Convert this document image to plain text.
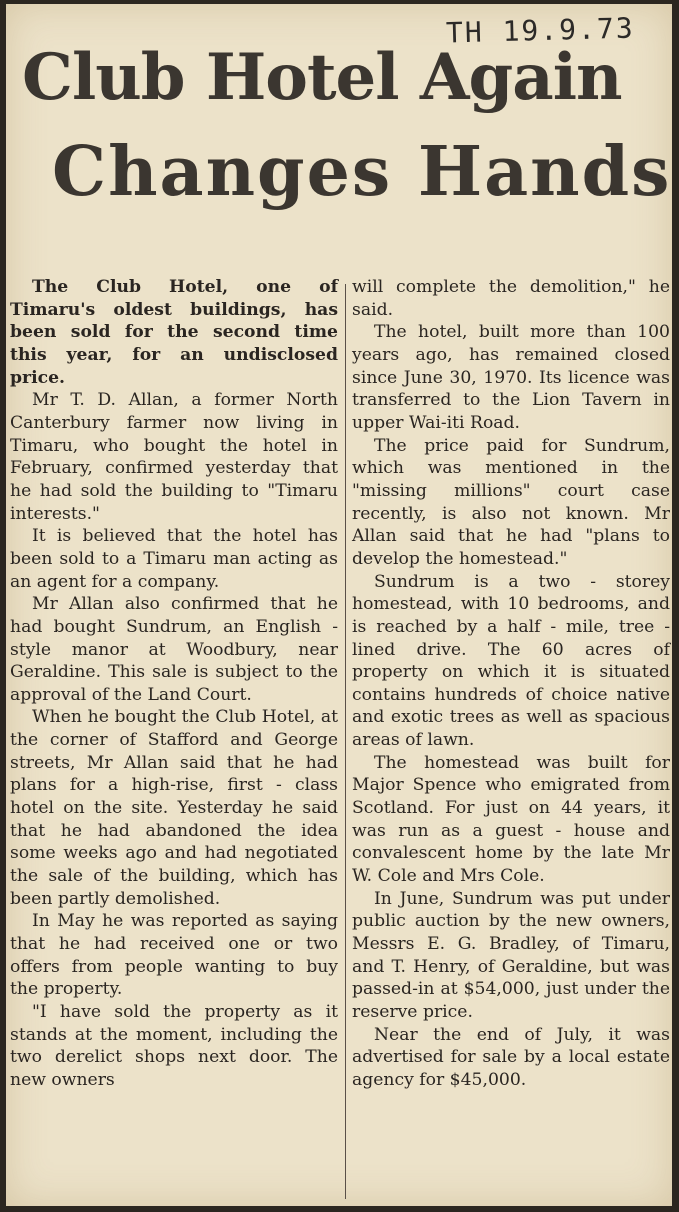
TH 19.9.73
Club Hotel Again
Changes Hands

The Club Hotel, one of Timaru's oldest buildings, has been sold for the second time this year, for an undisclosed price.

Mr T. D. Allan, a former North Canterbury farmer now living in Timaru, who bought the hotel in February, confirmed yesterday that he had sold the building to "Timaru interests."

It is believed that the hotel has been sold to a Timaru man acting as an agent for a company.

Mr Allan also confirmed that he had bought Sundrum, an English - style manor at Woodbury, near Geraldine. This sale is subject to the approval of the Land Court.

When he bought the Club Hotel, at the corner of Stafford and George streets, Mr Allan said that he had plans for a high-rise, first - class hotel on the site. Yesterday he said that he had abandoned the idea some weeks ago and had negotiated the sale of the building, which has been partly demolished.

In May he was reported as saying that he had received one or two offers from people wanting to buy the property.

"I have sold the property as it stands at the moment, including the two derelict shops next door. The new owners

will complete the demolition," he said.

The hotel, built more than 100 years ago, has remained closed since June 30, 1970. Its licence was transferred to the Lion Tavern in upper Wai-iti Road.

The price paid for Sundrum, which was mentioned in the "missing millions" court case recently, is also not known. Mr Allan said that he had "plans to develop the homestead."

Sundrum is a two - storey homestead, with 10 bedrooms, and is reached by a half - mile, tree - lined drive. The 60 acres of property on which it is situated contains hundreds of choice native and exotic trees as well as spacious areas of lawn.

The homestead was built for Major Spence who emigrated from Scotland. For just on 44 years, it was run as a guest - house and convalescent home by the late Mr W. Cole and Mrs Cole.

In June, Sundrum was put under public auction by the new owners, Messrs E. G. Bradley, of Timaru, and T. Henry, of Geraldine, but was passed-in at $54,000, just under the reserve price.

Near the end of July, it was advertised for sale by a local estate agency for $45,000.
